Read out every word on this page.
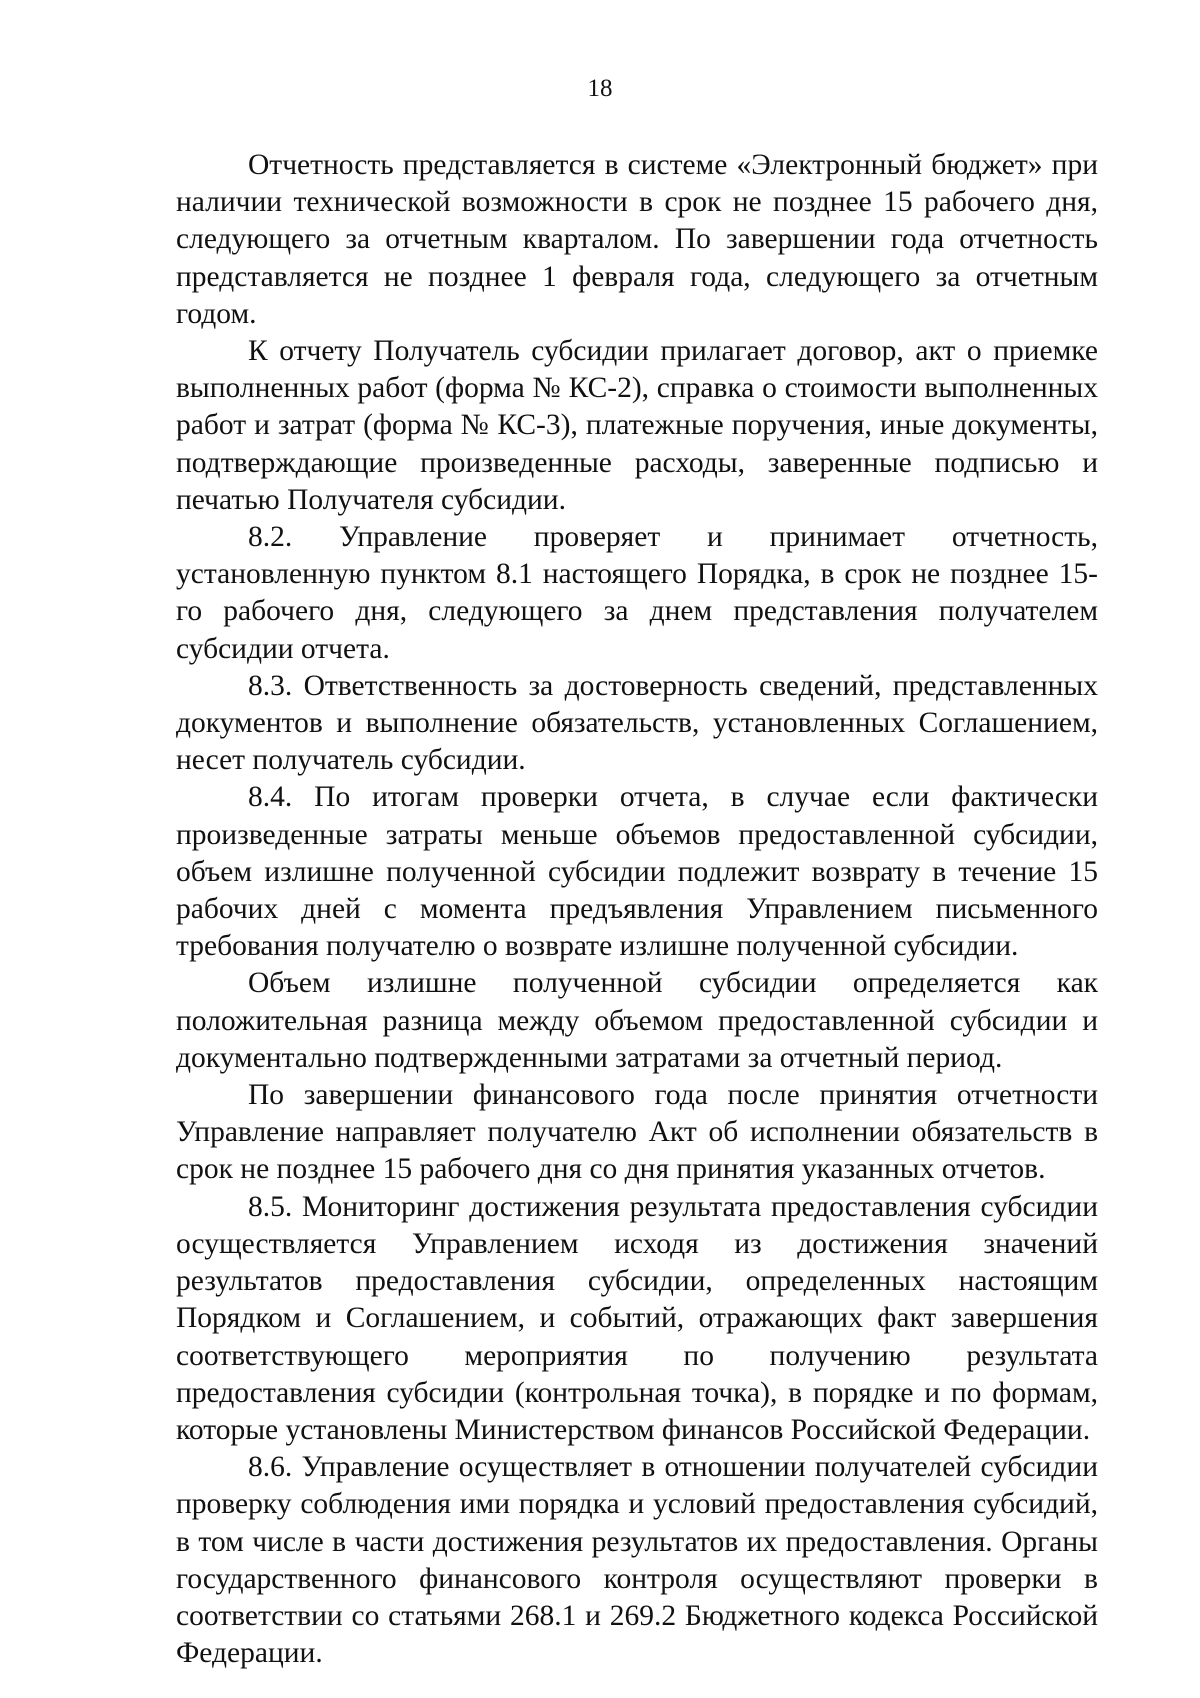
18

Отчетность представляется в системе «Электронный бюджет» при наличии технической возможности в срок не позднее 15 рабочего дня, следующего за отчетным кварталом. По завершении года отчетность представляется не позднее 1 февраля года, следующего за отчетным годом.

К отчету Получатель субсидии прилагает договор, акт о приемке выполненных работ (форма № КС-2), справка о стоимости выполненных работ и затрат (форма № КС-3), платежные поручения, иные документы, подтверждающие произведенные расходы, заверенные подписью и печатью Получателя субсидии.

8.2. Управление проверяет и принимает отчетность, установленную пунктом 8.1 настоящего Порядка, в срок не позднее 15-го рабочего дня, следующего за днем представления получателем субсидии отчета.

8.3. Ответственность за достоверность сведений, представленных документов и выполнение обязательств, установленных Соглашением, несет получатель субсидии.

8.4. По итогам проверки отчета, в случае если фактически произведенные затраты меньше объемов предоставленной субсидии, объем излишне полученной субсидии подлежит возврату в течение 15 рабочих дней с момента предъявления Управлением письменного требования получателю о возврате излишне полученной субсидии.

Объем излишне полученной субсидии определяется как положительная разница между объемом предоставленной субсидии и документально подтвержденными затратами за отчетный период.

По завершении финансового года после принятия отчетности Управление направляет получателю Акт об исполнении обязательств в срок не позднее 15 рабочего дня со дня принятия указанных отчетов.

8.5. Мониторинг достижения результата предоставления субсидии осуществляется Управлением исходя из достижения значений результатов предоставления субсидии, определенных настоящим Порядком и Соглашением, и событий, отражающих факт завершения соответствующего мероприятия по получению результата предоставления субсидии (контрольная точка), в порядке и по формам, которые установлены Министерством финансов Российской Федерации.

8.6. Управление осуществляет в отношении получателей субсидии проверку соблюдения ими порядка и условий предоставления субсидий, в том числе в части достижения результатов их предоставления. Органы государственного финансового контроля осуществляют проверки в соответствии со статьями 268.1 и 269.2 Бюджетного кодекса Российской Федерации.
